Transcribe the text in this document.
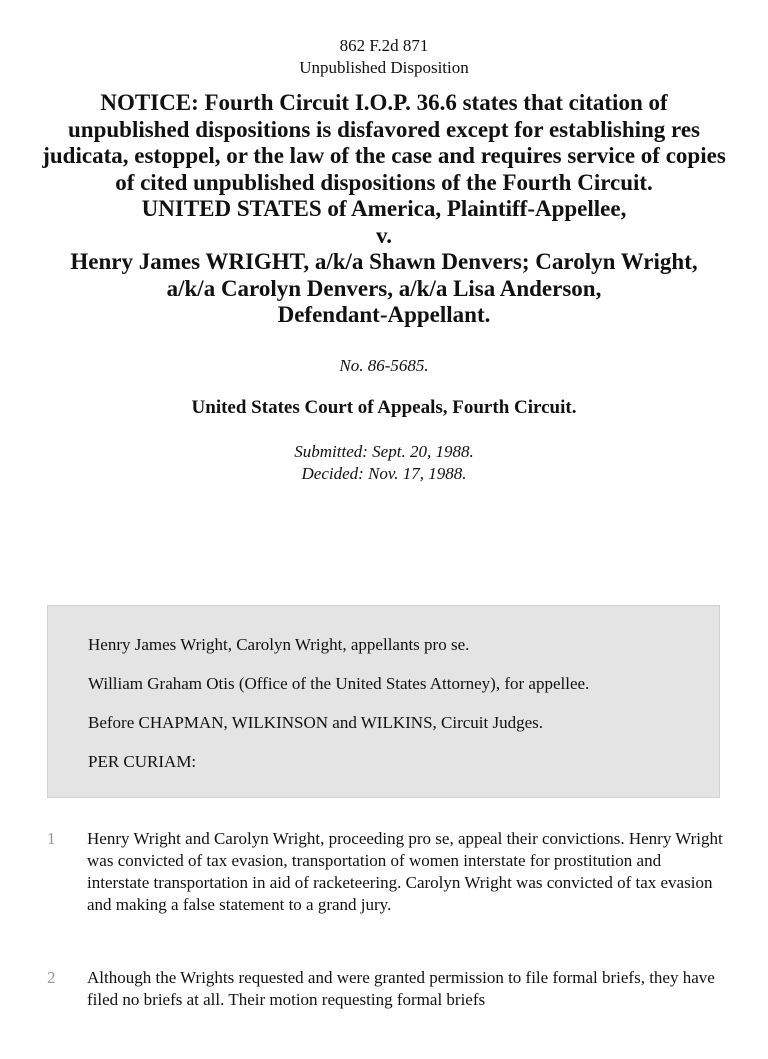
862 F.2d 871
Unpublished Disposition
NOTICE: Fourth Circuit I.O.P. 36.6 states that citation of unpublished dispositions is disfavored except for establishing res judicata, estoppel, or the law of the case and requires service of copies of cited unpublished dispositions of the Fourth Circuit.
UNITED STATES of America, Plaintiff-Appellee,
v.
Henry James WRIGHT, a/k/a Shawn Denvers; Carolyn Wright,
a/k/a Carolyn Denvers, a/k/a Lisa Anderson,
Defendant-Appellant.
No. 86-5685.
United States Court of Appeals, Fourth Circuit.
Submitted: Sept. 20, 1988.
Decided: Nov. 17, 1988.

Henry James Wright, Carolyn Wright, appellants pro se.

William Graham Otis (Office of the United States Attorney), for appellee.

Before CHAPMAN, WILKINSON and WILKINS, Circuit Judges.

PER CURIAM:

1	Henry Wright and Carolyn Wright, proceeding pro se, appeal their convictions. Henry Wright was convicted of tax evasion, transportation of women interstate for prostitution and interstate transportation in aid of racketeering. Carolyn Wright was convicted of tax evasion and making a false statement to a grand jury.
2	Although the Wrights requested and were granted permission to file formal briefs, they have filed no briefs at all. Their motion requesting formal briefs
